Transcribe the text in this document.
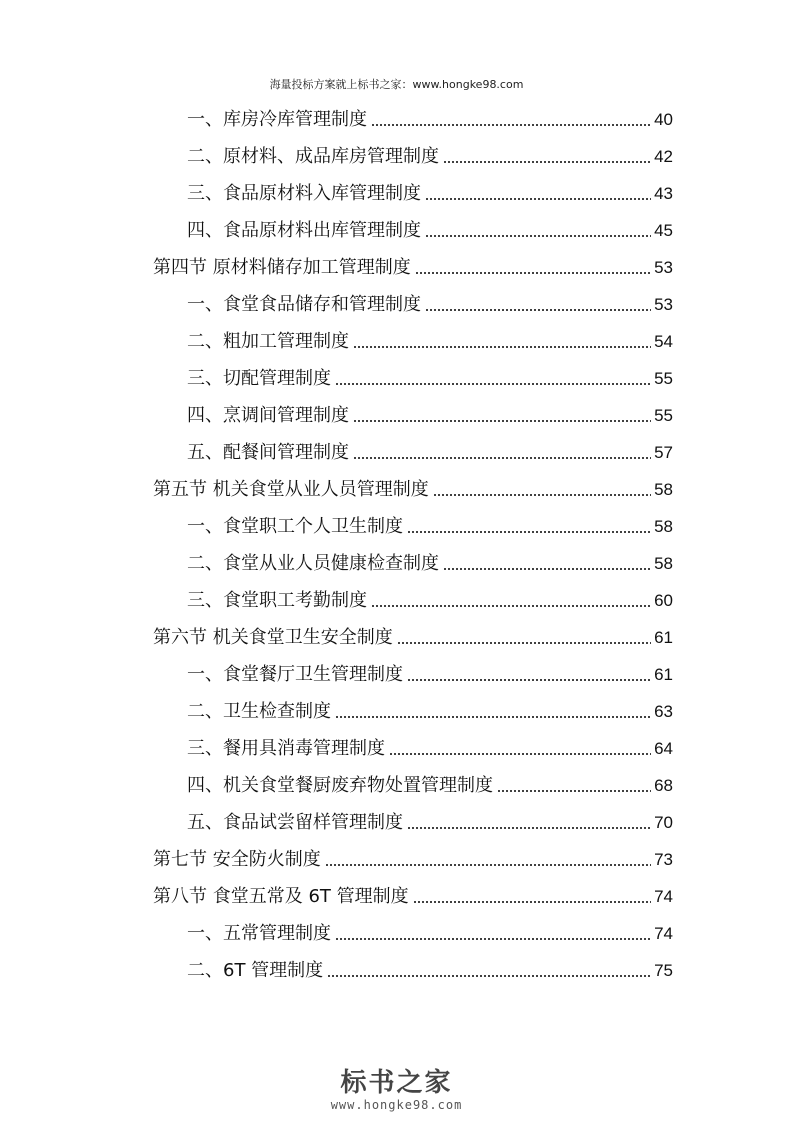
海量投标方案就上标书之家：www.hongke98.com
一、库房冷库管理制度	40
二、原材料、成品库房管理制度	42
三、食品原材料入库管理制度	43
四、食品原材料出库管理制度	45
第四节 原材料储存加工管理制度	53
一、食堂食品储存和管理制度	53
二、粗加工管理制度	54
三、切配管理制度	55
四、烹调间管理制度	55
五、配餐间管理制度	57
第五节 机关食堂从业人员管理制度	58
一、食堂职工个人卫生制度	58
二、食堂从业人员健康检查制度	58
三、食堂职工考勤制度	60
第六节 机关食堂卫生安全制度	61
一、食堂餐厅卫生管理制度	61
二、卫生检查制度	63
三、餐用具消毒管理制度	64
四、机关食堂餐厨废弃物处置管理制度	68
五、食品试尝留样管理制度	70
第七节 安全防火制度	73
第八节 食堂五常及 6T 管理制度	74
一、五常管理制度	74
二、6T 管理制度	75
标书之家
www.hongke98.com
